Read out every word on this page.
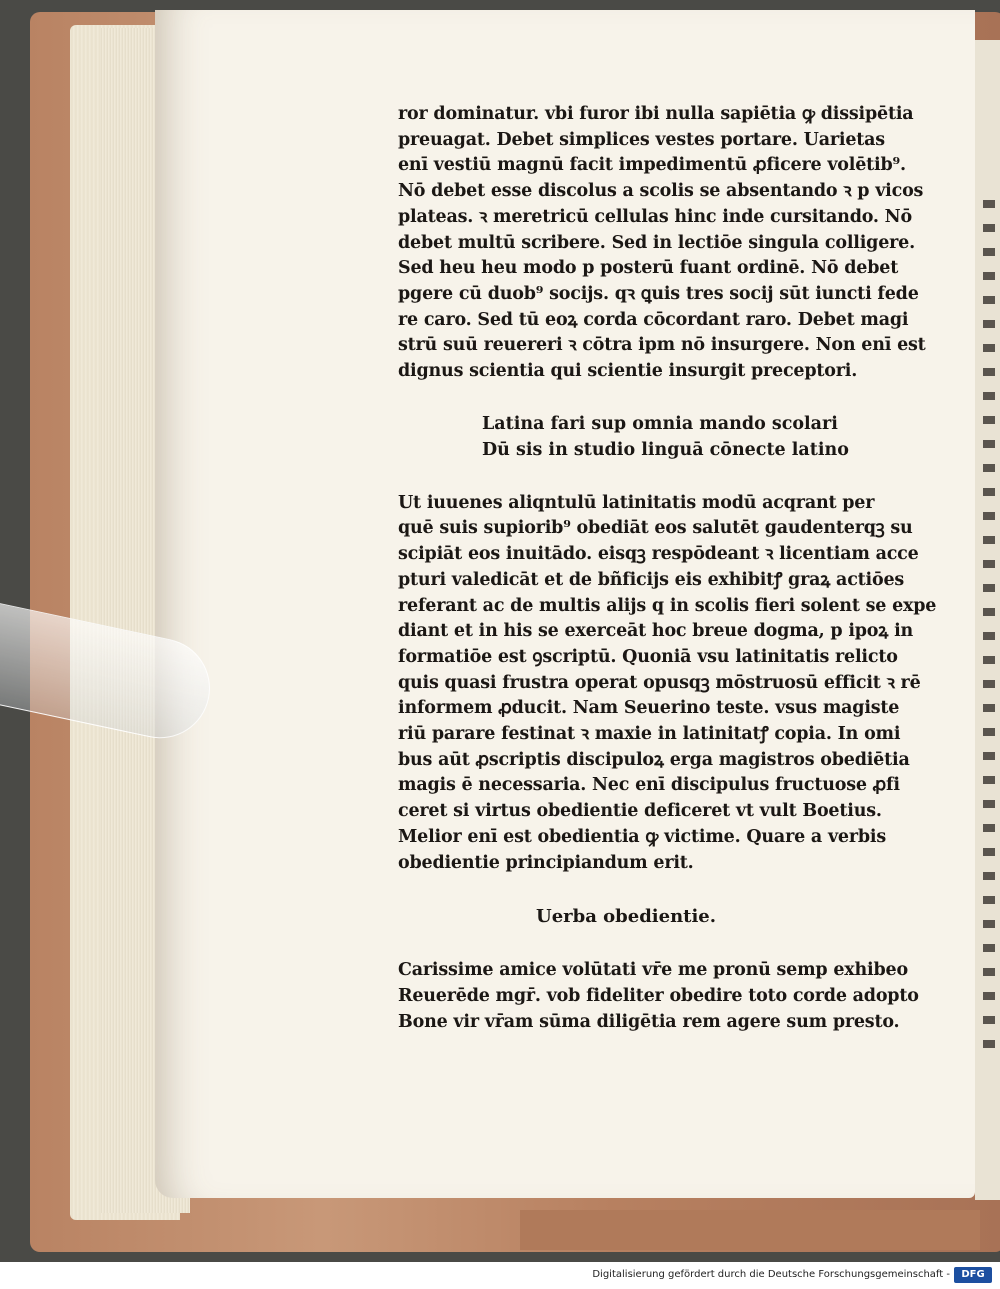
ror dominatur. vbi furor ibi nulla sapiētia ꝙ dissipētia
preuagat. Debet simplices vestes portare. Uarietas
enī vestiū magnū facit impedimentū ꝓficere volētib⁹.
Nō debet esse discolus a scolis se absentando ꝛ p vicos
plateas. ꝛ meretricū cellulas hinc inde cursitando. Nō
debet multū scribere. Sed in lectiōe singula colligere.
Sed heu heu modo p posterū fuant ordinē. Nō debet
pgere cū duob⁹ socijs. qꝛ ꝗuis tres socij sūt iuncti fede
re caro. Sed tū eoꝝ corda cōcordant raro. Debet magi
strū suū reuereri ꝛ cōtra ipm nō insurgere. Non enī est
dignus scientia qui scientie insurgit preceptori.
Latina fari sup omnia mando scolari
Dū sis in studio linguā cōnecte latino
Ut iuuenes aliqntulū latinitatis modū acqrant per
quē suis supiorib⁹ obediāt eos salutēt gaudenterqꝫ su
scipiāt eos inuitādo. eisqꝫ respōdeant ꝛ licentiam acce
pturi valedicāt et de bñficijs eis exhibitꝭ graꝝ actiōes
referant ac de multis alijs q in scolis fieri solent se expe
diant et in his se exerceāt hoc breue dogma, p ipoꝝ in
formatiōe est ꝯscriptū. Quoniā vsu latinitatis relicto
quis quasi frustra operat opusqꝫ mōstruosū efficit ꝛ rē
informem ꝓducit. Nam Seuerino teste. vsus magiste
riū parare festinat ꝛ maxie in latinitatꝭ copia. In omi
bus aūt ꝓscriptis discipuloꝝ erga magistros obediētia
magis ē necessaria. Nec enī discipulus fructuose ꝓfi
ceret si virtus obedientie deficeret vt vult Boetius.
Melior enī est obedientia ꝙ victime. Quare a verbis
obedientie principiandum erit.
Uerba obedientie.
Carissime amice volūtati vr̄e me pronū semp exhibeo
Reuerēde mgr̄. vob fideliter obedire toto corde adopto
Bone vir vr̄am sūma diligētia rem agere sum presto.
Digitalisierung gefördert durch die Deutsche Forschungsgemeinschaft -	DFG
